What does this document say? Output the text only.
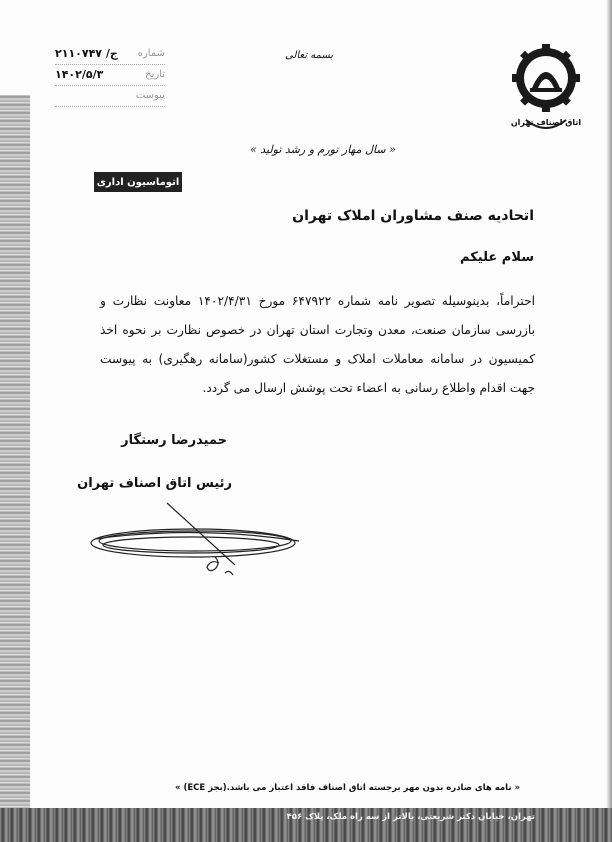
بسمه تعالی
شماره
۲۱ج/ ۱۰۷۴۷
تاریخ
۱۴۰۲/۵/۳
پیوست
اتاق اصناف تهران
« سال مهار تورم و رشد تولید »
اتوماسیون اداری
اتحادیه صنف مشاوران املاک تهران
سلام علیکم
احتراماً، بدینوسیله تصویر نامه شماره ۶۴۷۹۲۲ مورخ ۱۴۰۲/۴/۳۱ معاونت نظارت و بازرسی سازمان صنعت، معدن وتجارت استان تهران در خصوص نظارت بر نحوه اخذ کمیسیون در سامانه معاملات املاک و مستغلات کشور(سامانه رهگیری) به پیوست جهت اقدام واطلاع رسانی به اعضاء تحت پوشش ارسال می گردد.
حمیدرضا رستگار
رئیس اتاق اصناف تهران
« نامه های صادره بدون مهر برجسته اتاق اصناف فاقد اعتبار می باشد.(بجز ECE) »
تهران، خیابان دکتر شریعتی، بالاتر از سه راه ملک، پلاک ۴۵۶
